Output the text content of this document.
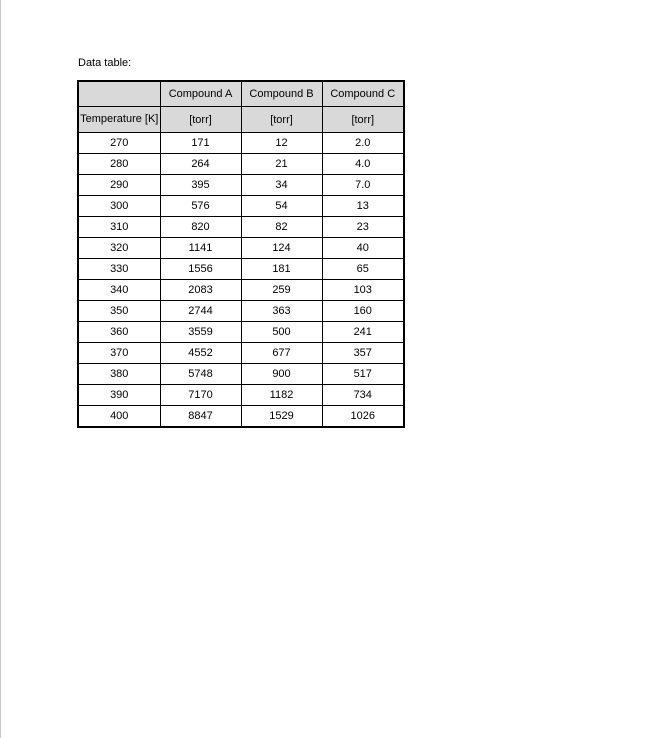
Data table:
	Compound A	Compound B	Compound C
Temperature [K]	[torr]	[torr]	[torr]
270	171	12	2.0
280	264	21	4.0
290	395	34	7.0
300	576	54	13
310	820	82	23
320	1141	124	40
330	1556	181	65
340	2083	259	103
350	2744	363	160
360	3559	500	241
370	4552	677	357
380	5748	900	517
390	7170	1182	734
400	8847	1529	1026
